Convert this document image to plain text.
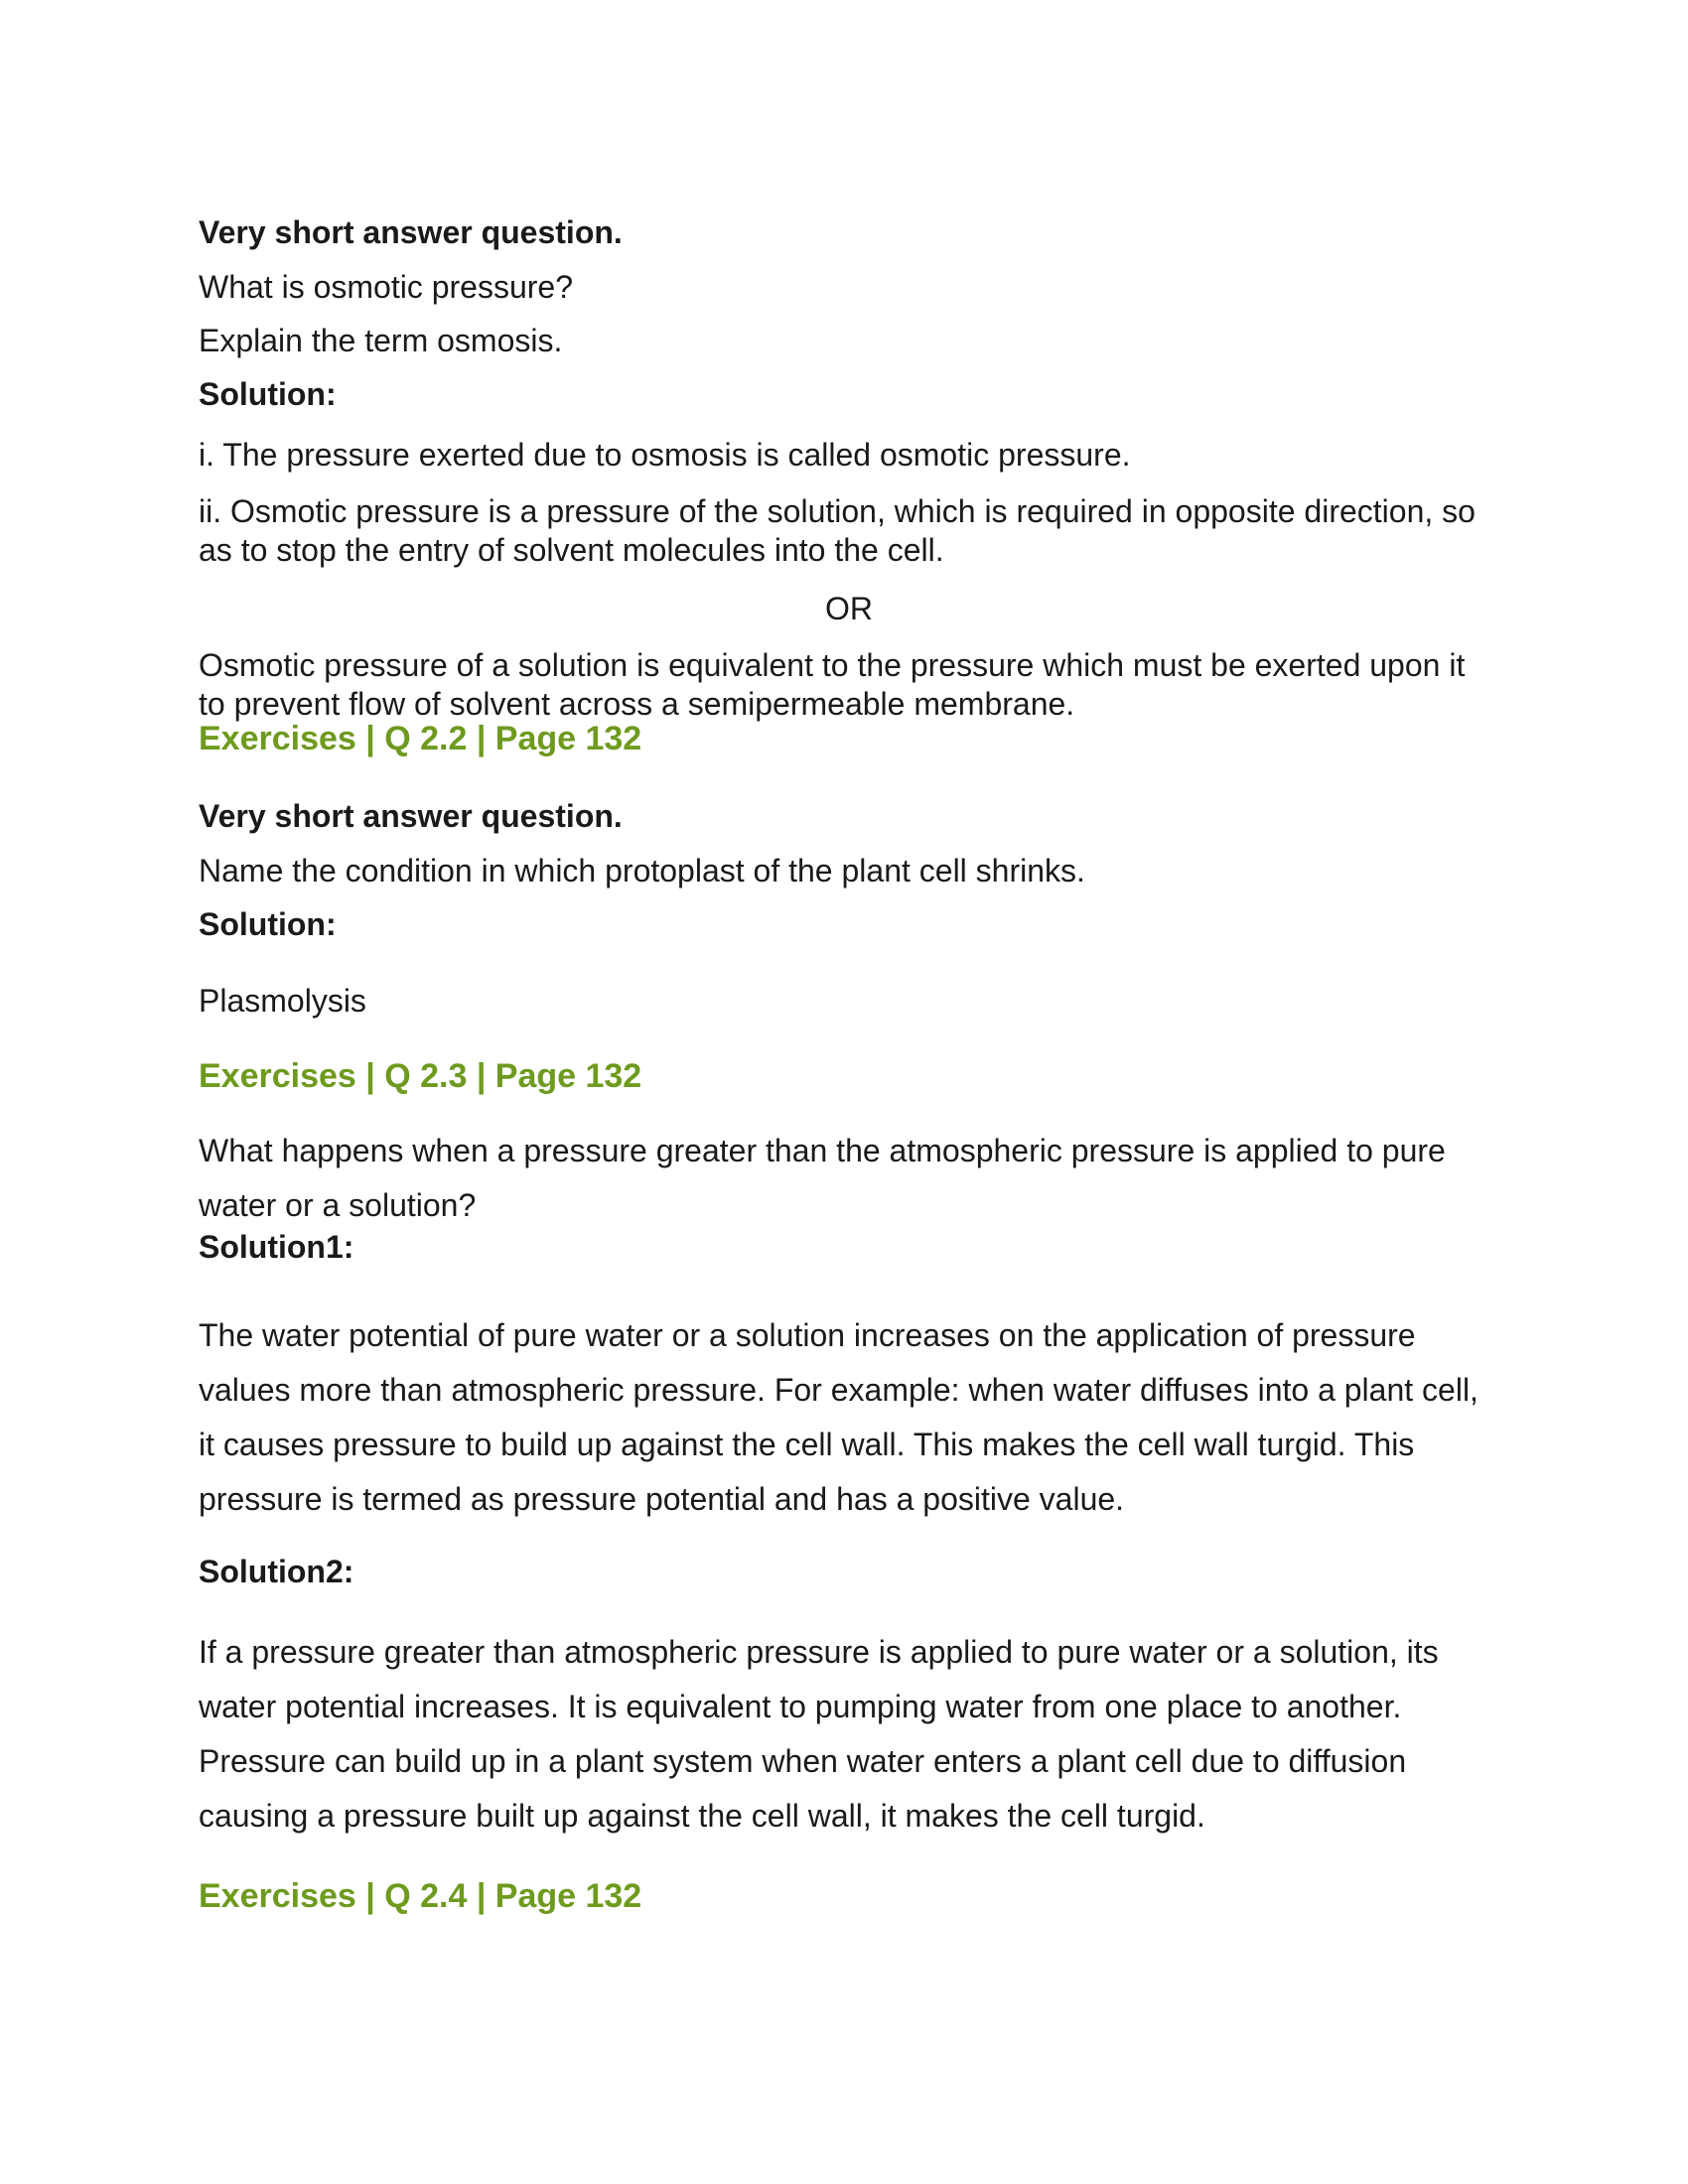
Very short answer question.

What is osmotic pressure?

Explain the term osmosis.

Solution:

i. The pressure exerted due to osmosis is called osmotic pressure.

ii. Osmotic pressure is a pressure of the solution, which is required in opposite direction, so as to stop the entry of solvent molecules into the cell.

OR

Osmotic pressure of a solution is equivalent to the pressure which must be exerted upon it to prevent flow of solvent across a semipermeable membrane.

Exercises | Q 2.2 | Page 132

Very short answer question.

Name the condition in which protoplast of the plant cell shrinks.

Solution:

Plasmolysis

Exercises | Q 2.3 | Page 132

What happens when a pressure greater than the atmospheric pressure is applied to pure water or a solution?

Solution1:

The water potential of pure water or a solution increases on the application of pressure values more than atmospheric pressure. For example: when water diffuses into a plant cell, it causes pressure to build up against the cell wall. This makes the cell wall turgid. This pressure is termed as pressure potential and has a positive value.

Solution2:

If a pressure greater than atmospheric pressure is applied to pure water or a solution, its water potential increases. It is equivalent to pumping water from one place to another. Pressure can build up in a plant system when water enters a plant cell due to diffusion causing a pressure built up against the cell wall, it makes the cell turgid.

Exercises | Q 2.4 | Page 132
